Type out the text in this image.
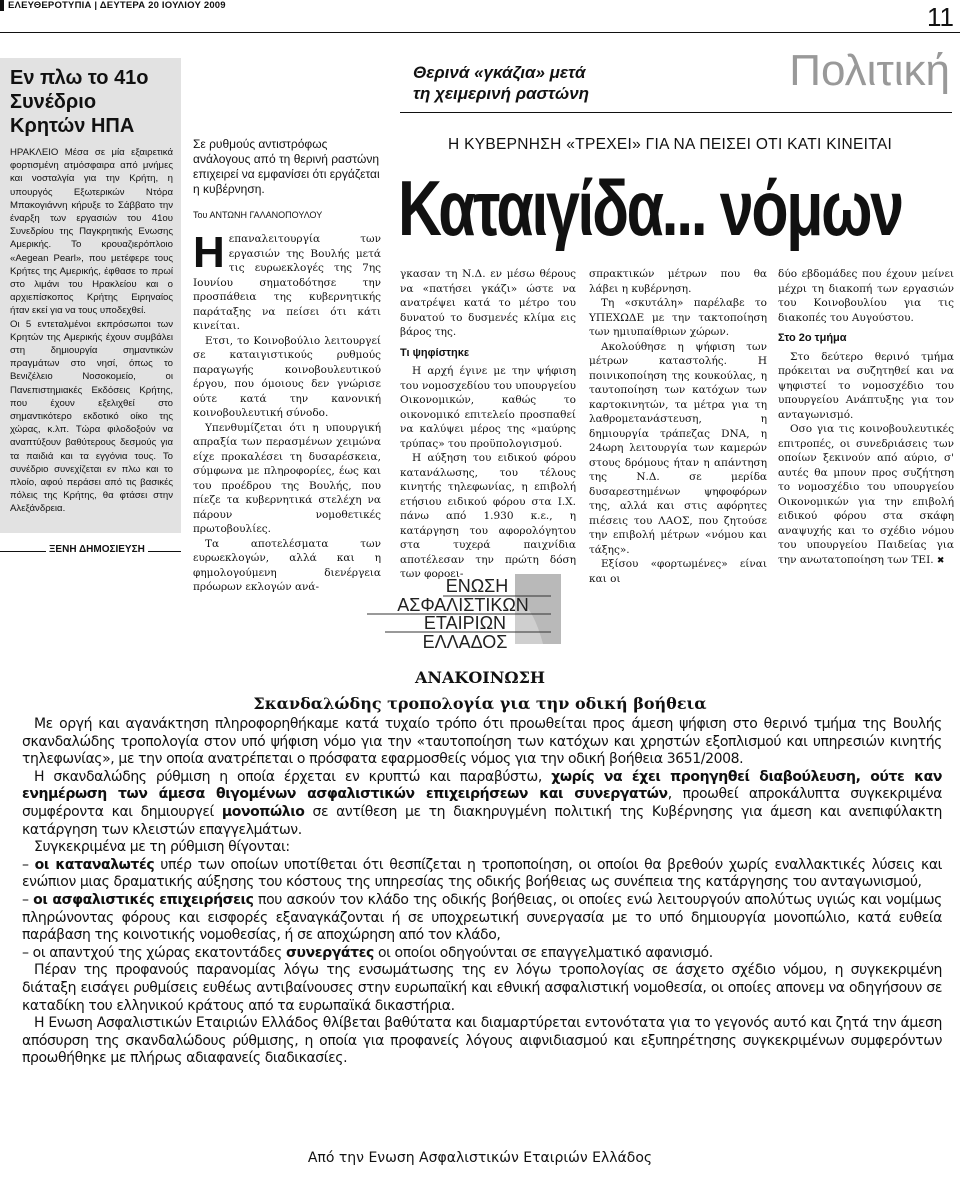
ΕΛΕΥΘΕΡΟΤΥΠΙΑ | ΔΕΥΤΕΡΑ 20 ΙΟΥΛΙΟΥ 2009	11
Εν πλω το 41ο Συνέδριο Κρητών ΗΠΑ

ΗΡΑΚΛΕΙΟ Μέσα σε μία εξαιρετικά φορτισμένη ατμόσφαιρα από μνήμες και νοσταλγία για την Κρήτη, η υπουργός Εξωτερικών Ντόρα Μπακογιάννη κήρυξε το Σάββατο την έναρξη των εργασιών του 41ου Συνεδρίου της Παγκρητικής Ενωσης Αμερικής. Το κρουαζιερόπλοιο «Aegean Pearl», που μετέφερε τους Κρήτες της Αμερικής, έφθασε το πρωί στο λιμάνι του Ηρακλείου και ο αρχιεπίσκοπος Κρήτης Ειρηναίος ήταν εκεί για να τους υποδεχθεί.

Οι 5 εντεταλμένοι εκπρόσωποι των Κρητών της Αμερικής έχουν συμβάλει στη δημιουργία σημαντικών πραγμάτων στο νησί, όπως το Βενιζέλειο Νοσοκομείο, οι Πανεπιστημιακές Εκδόσεις Κρήτης, που έχουν εξελιχθεί στο σημαντικότερο εκδοτικό οίκο της χώρας, κ.λπ. Τώρα φιλοδοξούν να αναπτύξουν βαθύτερους δεσμούς για τα παιδιά και τα εγγόνια τους. Το συνέδριο συνεχίζεται εν πλω και το πλοίο, αφού περάσει από τις βασικές πόλεις της Κρήτης, θα φτάσει στην Αλεξάνδρεια.

ΞΕΝΗ ΔΗΜΟΣΙΕΥΣΗ
Θερινά «γκάζια» μετά τη χειμερινή ραστώνη	Πολιτική
Η ΚΥΒΕΡΝΗΣΗ «ΤΡΕΧΕΙ» ΓΙΑ ΝΑ ΠΕΙΣΕΙ ΟΤΙ ΚΑΤΙ ΚΙΝΕΙΤΑΙ
Καταιγίδα... νόμων
Σε ρυθμούς αντιστρόφως ανάλογους από τη θερινή ραστώνη επιχειρεί να εμφανίσει ότι εργάζεται η κυβέρνηση.
Του ΑΝΤΩΝΗ ΓΑΛΑΝΟΠΟΥΛΟΥ

Ηεπαναλειτουργία των εργασιών της Βουλής μετά τις ευρωεκλογές της 7ης Ιουνίου σηματοδότησε την προσπάθεια της κυβερνητικής παράταξης να πείσει ότι κάτι κινείται.

Ετσι, το Κοινοβούλιο λειτουργεί σε καταιγιστικούς ρυθμούς παραγωγής κοινοβουλευτικού έργου, που όμοιους δεν γνώρισε ούτε κατά την κανονική κοινοβουλευτική σύνοδο.

Υπενθυμίζεται ότι η υπουργική απραξία των περασμένων χειμώνα είχε προκαλέσει τη δυσαρέσκεια, σύμφωνα με πληροφορίες, έως και του προέδρου της Βουλής, που πίεζε τα κυβερνητικά στελέχη να πάρουν νομοθετικές πρωτοβουλίες.

Τα αποτελέσματα των ευρωεκλογών, αλλά και η φημολογούμενη διενέργεια πρόωρων εκλογών ανά-

γκασαν τη Ν.Δ. εν μέσω θέρους να «πατήσει γκάζι» ώστε να ανατρέψει κατά το μέτρο του δυνατού το δυσμενές κλίμα εις βάρος της.

Τι ψηφίστηκε

Η αρχή έγινε με την ψήφιση του νομοσχεδίου του υπουργείου Οικονομικών, καθώς το οικονομικό επιτελείο προσπαθεί να καλύψει μέρος της «μαύρης τρύπας» του προϋπολογισμού.

Η αύξηση του ειδικού φόρου κατανάλωσης, του τέλους κινητής τηλεφωνίας, η επιβολή ετήσιου ειδικού φόρου στα Ι.Χ. πάνω από 1.930 κ.ε., η κατάργηση του αφορολόγητου στα τυχερά παιχνίδια αποτέλεσαν την πρώτη δόση των φοροει-

σπρακτικών μέτρων που θα λάβει η κυβέρνηση.

Τη «σκυτάλη» παρέλαβε το ΥΠΕΧΩΔΕ με την τακτοποίηση των ημιυπαίθριων χώρων.

Ακολούθησε η ψήφιση των μέτρων καταστολής. Η ποινικοποίηση της κουκούλας, η ταυτοποίηση των κατόχων των καρτοκινητών, τα μέτρα για τη λαθρομετανάστευση, η δημιουργία τράπεζας DNA, η 24ωρη λειτουργία των καμερών στους δρόμους ήταν η απάντηση της Ν.Δ. σε μερίδα δυσαρεστημένων ψηφοφόρων της, αλλά και στις αφόρητες πιέσεις του ΛΑΟΣ, που ζητούσε την επιβολή μέτρων «νόμου και τάξης».

Εξίσου «φορτωμένες» είναι και οι

δύο εβδομάδες που έχουν μείνει μέχρι τη διακοπή των εργασιών του Κοινοβουλίου για τις διακοπές του Αυγούστου.

Στο 2ο τμήμα

Στο δεύτερο θερινό τμήμα πρόκειται να συζητηθεί και να ψηφιστεί το νομοσχέδιο του υπουργείου Ανάπτυξης για τον ανταγωνισμό.

Οσο για τις κοινοβουλευτικές επιτροπές, οι συνεδριάσεις των οποίων ξεκινούν από αύριο, σ' αυτές θα μπουν προς συζήτηση το νομοσχέδιο του υπουργείου Οικονομικών για την επιβολή ειδικού φόρου στα σκάφη αναψυχής και το σχέδιο νόμου του υπουργείου Παιδείας για την ανωτατοποίηση των ΤΕΙ. ✖

ΕΝΩΣΗ
ΑΣΦΑΛΙΣΤΙΚΩΝ
ΕΤΑΙΡΙΩΝ
ΕΛΛΑΔΟΣ
ΑΝΑΚΟΙΝΩΣΗ
Σκανδαλώδης τροπολογία για την οδική βοήθεια

Με οργή και αγανάκτηση πληροφορηθήκαμε κατά τυχαίο τρόπο ότι προωθείται προς άμεση ψήφιση στο θερινό τμήμα της Βουλής σκανδαλώδης τροπολογία στον υπό ψήφιση νόμο για την «ταυτοποίηση των κατόχων και χρηστών εξοπλισμού και υπηρεσιών κινητής τηλεφωνίας», με την οποία ανατρέπεται ο πρόσφατα εφαρμοσθείς νόμος για την οδική βοήθεια 3651/2008.

Η σκανδαλώδης ρύθμιση η οποία έρχεται εν κρυπτώ και παραβύστω, χωρίς να έχει προηγηθεί διαβούλευση, ούτε καν ενημέρωση των άμεσα θιγομένων ασφαλιστικών επιχειρήσεων και συνεργατών, προωθεί απροκάλυπτα συγκεκριμένα συμφέροντα και δημιουργεί μονοπώλιο σε αντίθεση με τη διακηρυγμένη πολιτική της Κυβέρνησης για άμεση και ανεπιφύλακτη κατάργηση των κλειστών επαγγελμάτων.

Συγκεκριμένα με τη ρύθμιση θίγονται:

– οι καταναλωτές υπέρ των οποίων υποτίθεται ότι θεσπίζεται η τροποποίηση, οι οποίοι θα βρεθούν χωρίς εναλλακτικές λύσεις και ενώπιον μιας δραματικής αύξησης του κόστους της υπηρεσίας της οδικής βοήθειας ως συνέπεια της κατάργησης του ανταγωνισμού,

– οι ασφαλιστικές επιχειρήσεις που ασκούν τον κλάδο της οδικής βοήθειας, οι οποίες ενώ λειτουργούν απολύτως υγιώς και νομίμως πληρώνοντας φόρους και εισφορές εξαναγκάζονται ή σε υποχρεωτική συνεργασία με το υπό δημιουργία μονοπώλιο, κατά ευθεία παράβαση της κοινοτικής νομοθεσίας, ή σε αποχώρηση από τον κλάδο,

– οι απαντχού της χώρας εκατοντάδες συνεργάτες οι οποίοι οδηγούνται σε επαγγελματικό αφανισμό.

Πέραν της προφανούς παρανομίας λόγω της ενσωμάτωσης της εν λόγω τροπολογίας σε άσχετο σχέδιο νόμου, η συγκεκριμένη διάταξη εισάγει ρυθμίσεις ευθέως αντιβαίνουσες στην ευρωπαϊκή και εθνική ασφαλιστική νομοθεσία, οι οποίες απονεμ να οδηγήσουν σε καταδίκη του ελληνικού κράτους από τα ευρωπαϊκά δικαστήρια.

Η Ενωση Ασφαλιστικών Εταιριών Ελλάδος θλίβεται βαθύτατα και διαμαρτύρεται εντονότατα για το γεγονός αυτό και ζητά την άμεση απόσυρση της σκανδαλώδους ρύθμισης, η οποία για προφανείς λόγους αιφνιδιασμού και εξυπηρέτησης συγκεκριμένων συμφερόντων προωθήθηκε με πλήρως αδιαφανείς διαδικασίες.

Από την Ενωση Ασφαλιστικών Εταιριών Ελλάδος
